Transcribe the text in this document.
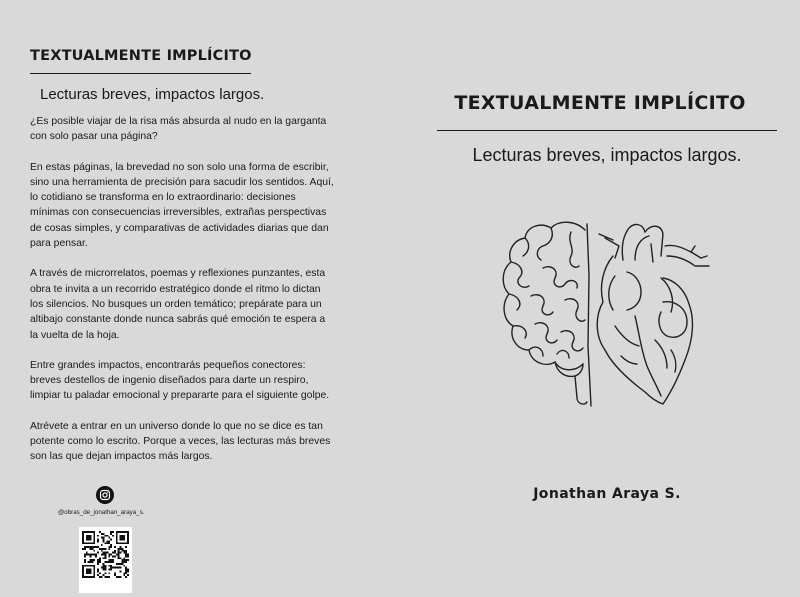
TEXTUALMENTE IMPLÍCITO
Lecturas breves, impactos largos.

¿Es posible viajar de la risa más absurda al nudo en la garganta con solo pasar una página?

En estas páginas, la brevedad no son solo una forma de escribir, sino una herramienta de precisión para sacudir los sentidos. Aquí, lo cotidiano se transforma en lo extraordinario: decisiones mínimas con consecuencias irreversibles, extrañas perspectivas de cosas simples, y comparativas de actividades diarias que dan para pensar.

A través de microrrelatos, poemas y reflexiones punzantes, esta obra te invita a un recorrido estratégico donde el ritmo lo dictan los silencios. No busques un orden temático; prepárate para un altibajo constante donde nunca sabrás qué emoción te espera a la vuelta de la hoja.

Entre grandes impactos, encontrarás pequeños conectores: breves destellos de ingenio diseñados para darte un respiro, limpiar tu paladar emocional y prepararte para el siguiente golpe.

Atrévete a entrar en un universo donde lo que no se dice es tan potente como lo escrito. Porque a veces, las lecturas más breves son las que dejan impactos más largos.

@obras_de_jonathan_araya_s.
TEXTUALMENTE IMPLÍCITO
Lecturas breves, impactos largos.
Jonathan Araya S.
